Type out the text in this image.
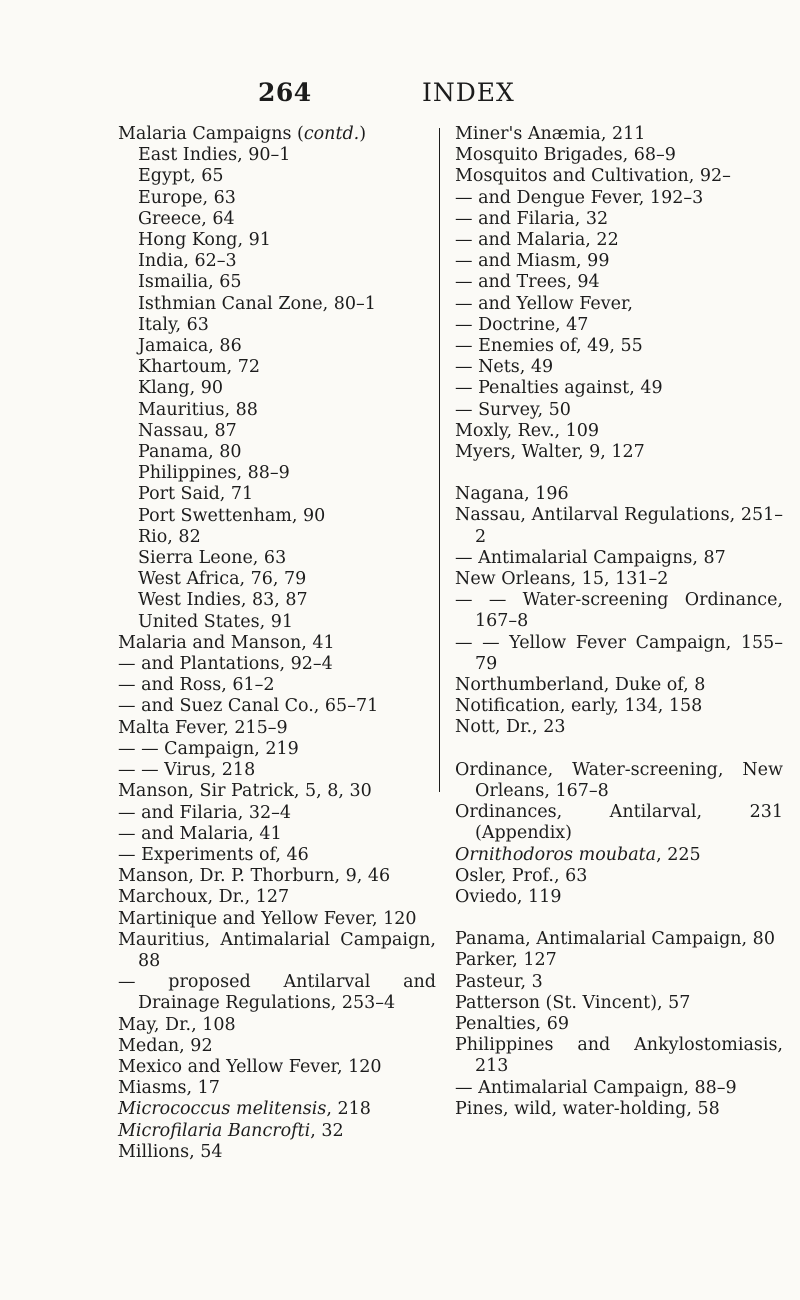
264	INDEX

Malaria Campaigns (contd.)

East Indies, 90–1

Egypt, 65

Europe, 63

Greece, 64

Hong Kong, 91

India, 62–3

Ismailia, 65

Isthmian Canal Zone, 80–1

Italy, 63

Jamaica, 86

Khartoum, 72

Klang, 90

Mauritius, 88

Nassau, 87

Panama, 80

Philippines, 88–9

Port Said, 71

Port Swettenham, 90

Rio, 82

Sierra Leone, 63

West Africa, 76, 79

West Indies, 83, 87

United States, 91

Malaria and Manson, 41

— and Plantations, 92–4

— and Ross, 61–2

— and Suez Canal Co., 65–71

Malta Fever, 215–9

— — Campaign, 219

— — Virus, 218

Manson, Sir Patrick, 5, 8, 30

— and Filaria, 32–4

— and Malaria, 41

— Experiments of, 46

Manson, Dr. P. Thorburn, 9, 46

Marchoux, Dr., 127

Martinique and Yellow Fever, 120

Mauritius, Antimalarial Campaign, 88

— proposed Antilarval and Drainage Regulations, 253–4

May, Dr., 108

Medan, 92

Mexico and Yellow Fever, 120

Miasms, 17

Micrococcus melitensis, 218

Microfilaria Bancrofti, 32

Millions, 54

Miner's Anæmia, 211

Mosquito Brigades, 68–9

Mosquitos and Cultivation, 92–

— and Dengue Fever, 192–3

— and Filaria, 32

— and Malaria, 22

— and Miasm, 99

— and Trees, 94

— and Yellow Fever,

— Doctrine, 47

— Enemies of, 49, 55

— Nets, 49

— Penalties against, 49

— Survey, 50

Moxly, Rev., 109

Myers, Walter, 9, 127

Nagana, 196

Nassau, Antilarval Regulations, 251–2

— Antimalarial Campaigns, 87

New Orleans, 15, 131–2

— — Water-screening Ordinance, 167–8

— — Yellow Fever Campaign, 155–79

Northumberland, Duke of, 8

Notification, early, 134, 158

Nott, Dr., 23

Ordinance, Water-screening, New Orleans, 167–8

Ordinances, Antilarval, 231 (Appendix)

Ornithodoros moubata, 225

Osler, Prof., 63

Oviedo, 119

Panama, Antimalarial Campaign, 80

Parker, 127

Pasteur, 3

Patterson (St. Vincent), 57

Penalties, 69

Philippines and Ankylostomiasis, 213

— Antimalarial Campaign, 88–9

Pines, wild, water-holding, 58
